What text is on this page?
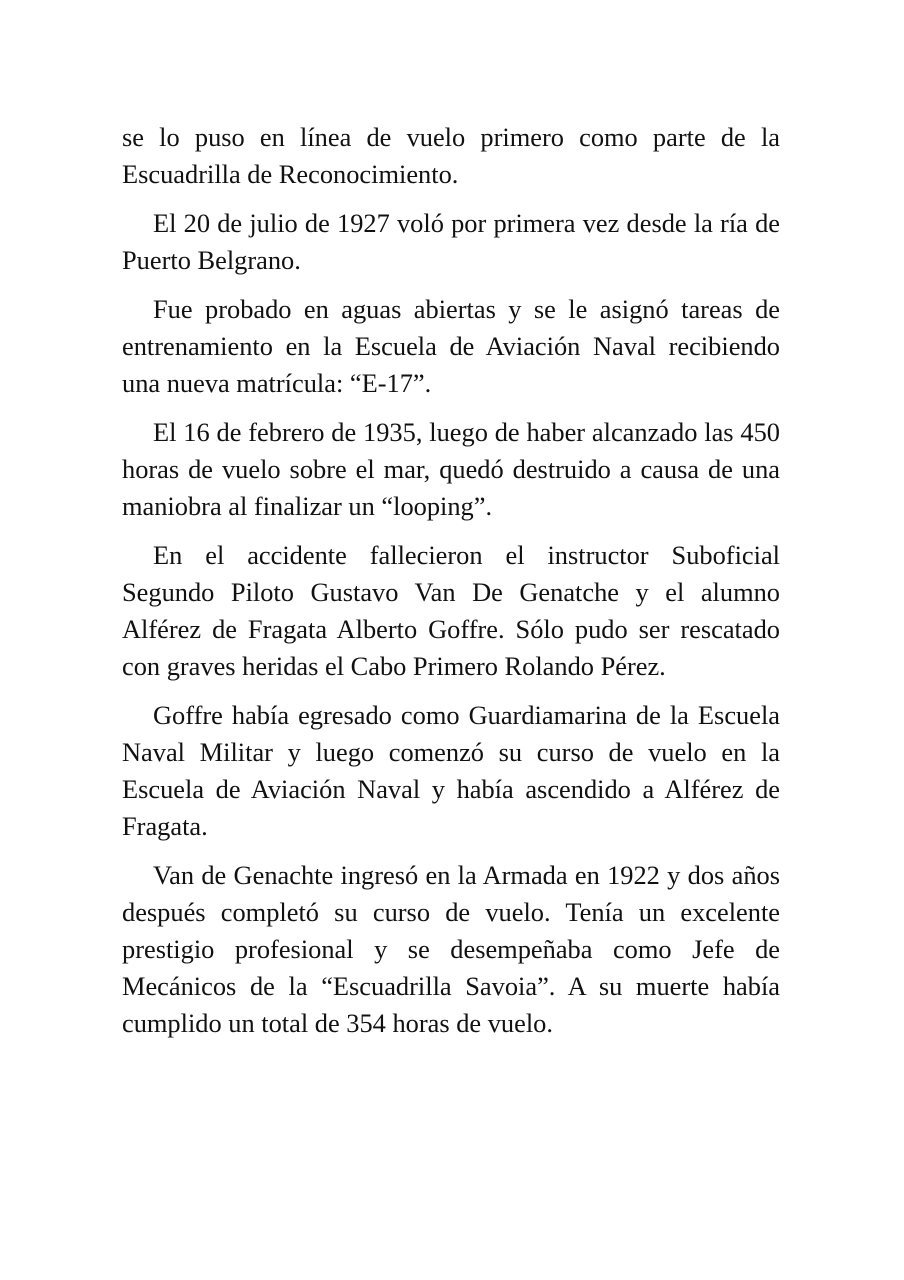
se lo puso en línea de vuelo primero como parte de la Escuadrilla de Reconocimiento.

El 20 de julio de 1927 voló por primera vez desde la ría de Puerto Belgrano.

Fue probado en aguas abiertas y se le asignó tareas de entrenamiento en la Escuela de Aviación Naval recibiendo una nueva matrícula: “E-17”.

El 16 de febrero de 1935, luego de haber alcanzado las 450 horas de vuelo sobre el mar, quedó destruido a causa de una maniobra al finalizar un “looping”.

En el accidente fallecieron el instructor Suboficial Segundo Piloto Gustavo Van De Genatche y el alumno Alférez de Fragata Alberto Goffre. Sólo pudo ser rescatado con graves heridas el Cabo Primero Rolando Pérez.

Goffre había egresado como Guardiamarina de la Escuela Naval Militar y luego comenzó su curso de vuelo en la Escuela de Aviación Naval y había ascendido a Alférez de Fragata.

Van de Genachte ingresó en la Armada en 1922 y dos años después completó su curso de vuelo. Tenía un excelente prestigio profesional y se desempeñaba como Jefe de Mecánicos de la “Escuadrilla Savoia”. A su muerte había cumplido un total de 354 horas de vuelo.
